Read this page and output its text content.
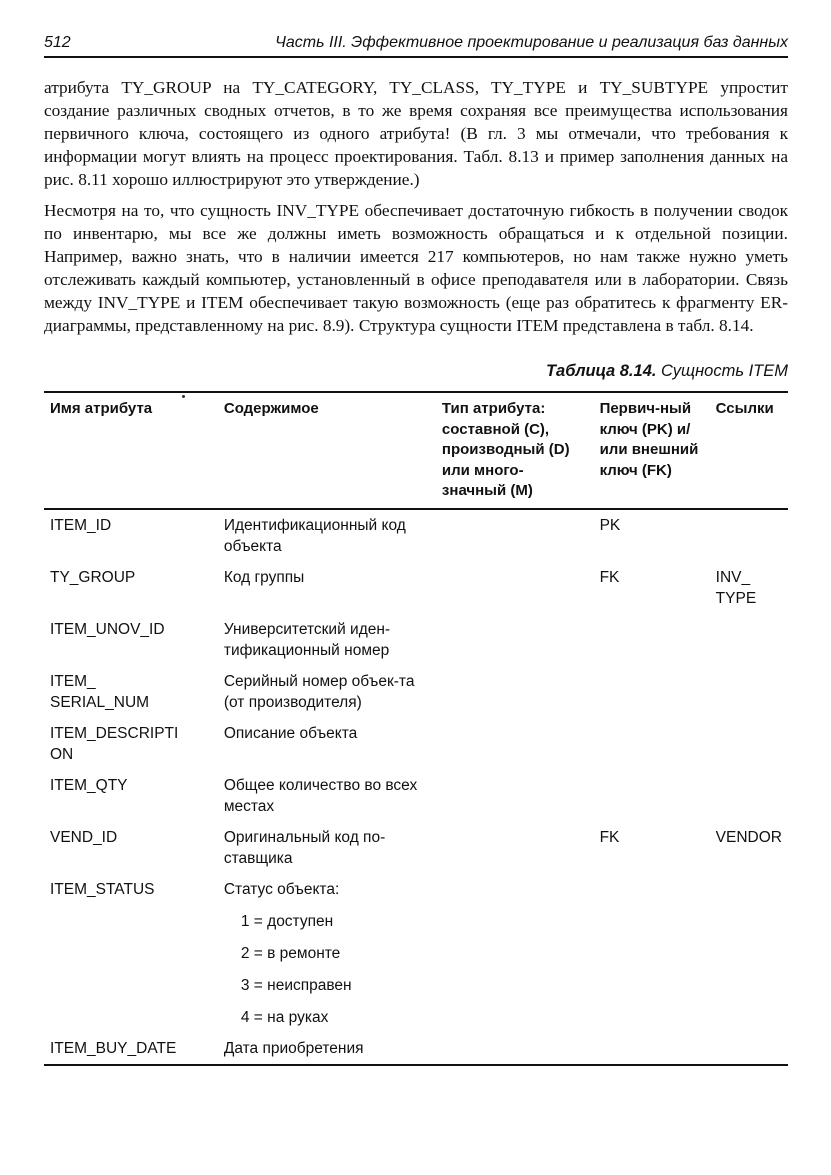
512	Часть III. Эффективное проектирование и реализация баз данных

атрибута TY_GROUP на TY_CATEGORY, TY_CLASS, TY_TYPE и TY_SUBTYPE упростит создание различных сводных отчетов, в то же время сохраняя все преимущества использования первичного ключа, состоящего из одного атрибута! (В гл. 3 мы отмечали, что требования к информации могут влиять на процесс проектирования. Табл. 8.13 и пример заполнения данных на рис. 8.11 хорошо иллюстрируют это утверждение.)

Несмотря на то, что сущность INV_TYPE обеспечивает достаточную гибкость в получении сводок по инвентарю, мы все же должны иметь возможность обращаться и к отдельной позиции. Например, важно знать, что в наличии имеется 217 компьютеров, но нам также нужно уметь отслеживать каждый компьютер, установленный в офисе преподавателя или в лаборатории. Связь между INV_TYPE и ITEM обеспечивает такую возможность (еще раз обратитесь к фрагменту ER-диаграммы, представленному на рис. 8.9). Структура сущности ITEM представлена в табл. 8.14.

Таблица 8.14. Сущность ITEM
Имя атрибута	Содержимое	Тип атрибута: составной (С), производный (D) или много-значный (М)	Первич-ный ключ (PK) и/или внешний ключ (FK)	Ссылки
ITEM_ID	Идентификационный код объекта		PK	
TY_GROUP	Код группы		FK	INV_ TYPE
ITEM_UNOV_ID	Университетский иден-тификационный номер			
ITEM_ SERIAL_NUM	Серийный номер объек-та (от производителя)			
ITEM_DESCRIPTI ON	Описание объекта			
ITEM_QTY	Общее количество во всех местах			
VEND_ID	Оригинальный код по-ставщика		FK	VENDOR
ITEM_STATUS	Статус объекта:
1 = доступен
2 = в ремонте
3 = неисправен
4 = на руках			

ITEM_BUY_DATE	Дата приобретения			
